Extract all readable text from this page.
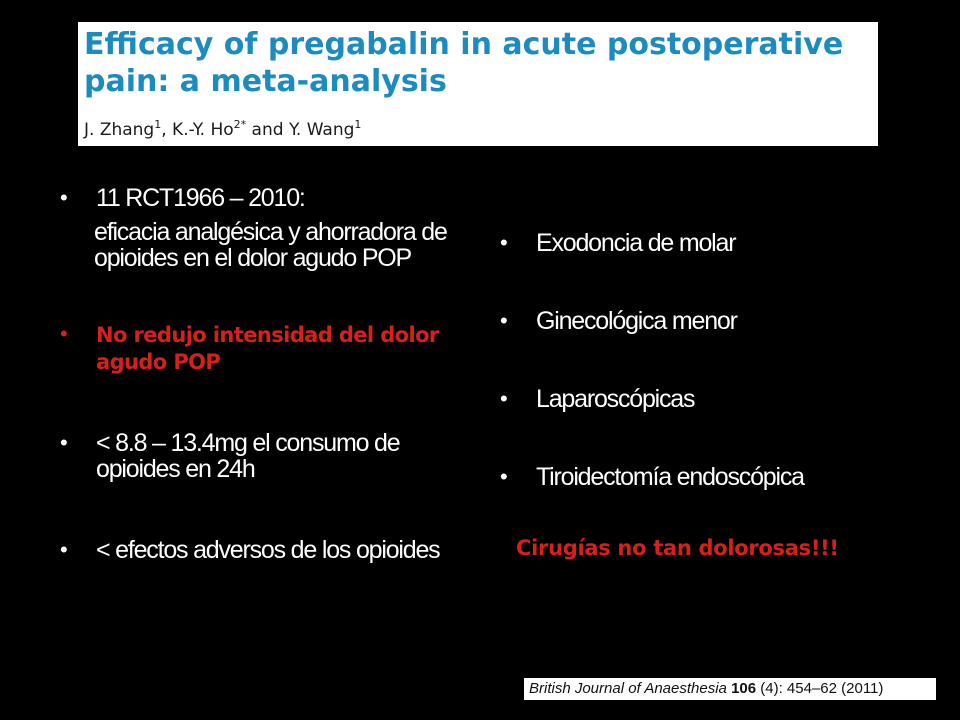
Efficacy of pregabalin in acute postoperative pain: a meta-analysis
J. Zhang$^1$, K.-Y. $Ho^{2*}$ and Y. Wang$^1$
•	11 RCT1966 – 2010:
eficacia analgésica y ahorradora de opioides en el dolor agudo POP
•	No redujo intensidad del dolor agudo POP
•	< 8.8 – 13.4mg el consumo de opioides en 24h
•	< efectos adversos de los opioides
•	Exodoncia de molar
•	Ginecológica menor
•	Laparoscópicas
•	Tiroidectomía endoscópica
Cirugías no tan dolorosas!!!
British Journal of Anaesthesia 106 (4): 454–62 (2011)
